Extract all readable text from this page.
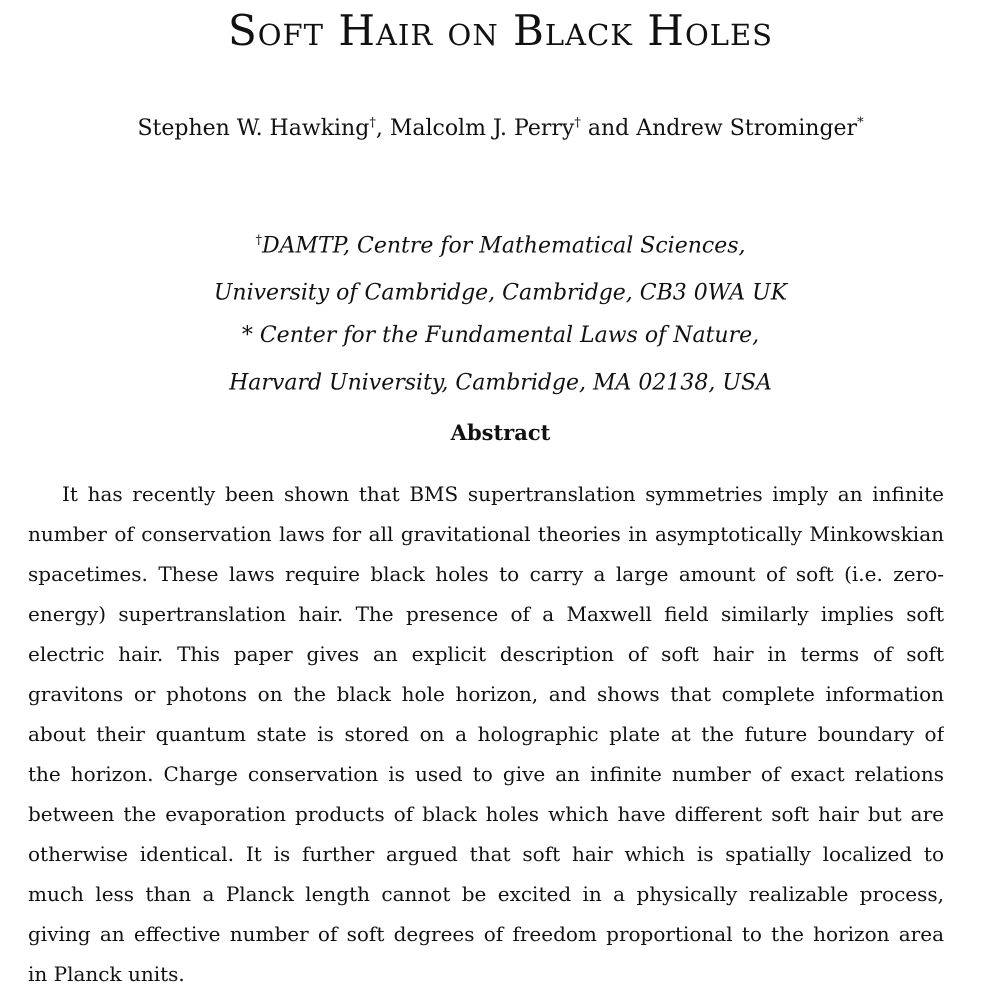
Soft Hair on Black Holes
Stephen W. Hawking†, Malcolm J. Perry† and Andrew Strominger*
†DAMTP, Centre for Mathematical Sciences,
University of Cambridge, Cambridge, CB3 0WA UK
* Center for the Fundamental Laws of Nature,
Harvard University, Cambridge, MA 02138, USA
Abstract
It has recently been shown that BMS supertranslation symmetries imply an infinite
number of conservation laws for all gravitational theories in asymptotically Minkowskian
spacetimes. These laws require black holes to carry a large amount of soft (i.e. zero-
energy) supertranslation hair. The presence of a Maxwell field similarly implies soft
electric hair. This paper gives an explicit description of soft hair in terms of soft
gravitons or photons on the black hole horizon, and shows that complete information
about their quantum state is stored on a holographic plate at the future boundary of
the horizon. Charge conservation is used to give an infinite number of exact relations
between the evaporation products of black holes which have different soft hair but are
otherwise identical. It is further argued that soft hair which is spatially localized to
much less than a Planck length cannot be excited in a physically realizable process,
giving an effective number of soft degrees of freedom proportional to the horizon area
in Planck units.
